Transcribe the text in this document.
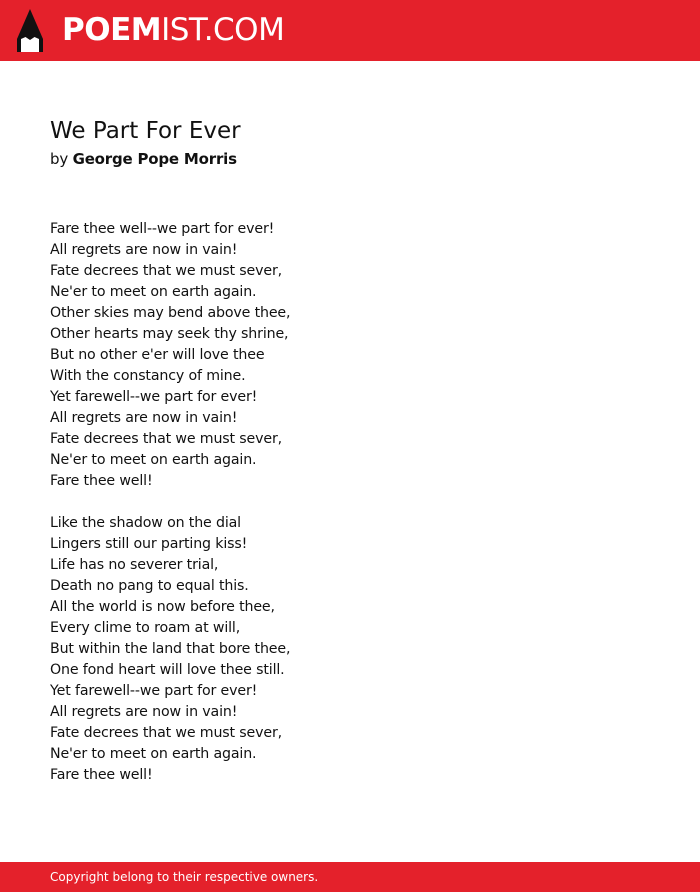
POEMIST.COM
We Part For Ever
by George Pope Morris
Fare thee well--we part for ever!
All regrets are now in vain!
Fate decrees that we must sever,
Ne'er to meet on earth again.
Other skies may bend above thee,
Other hearts may seek thy shrine,
But no other e'er will love thee
With the constancy of mine.
Yet farewell--we part for ever!
All regrets are now in vain!
Fate decrees that we must sever,
Ne'er to meet on earth again.
Fare thee well!
Like the shadow on the dial
Lingers still our parting kiss!
Life has no severer trial,
Death no pang to equal this.
All the world is now before thee,
Every clime to roam at will,
But within the land that bore thee,
One fond heart will love thee still.
Yet farewell--we part for ever!
All regrets are now in vain!
Fate decrees that we must sever,
Ne'er to meet on earth again.
Fare thee well!
Copyright belong to their respective owners.
